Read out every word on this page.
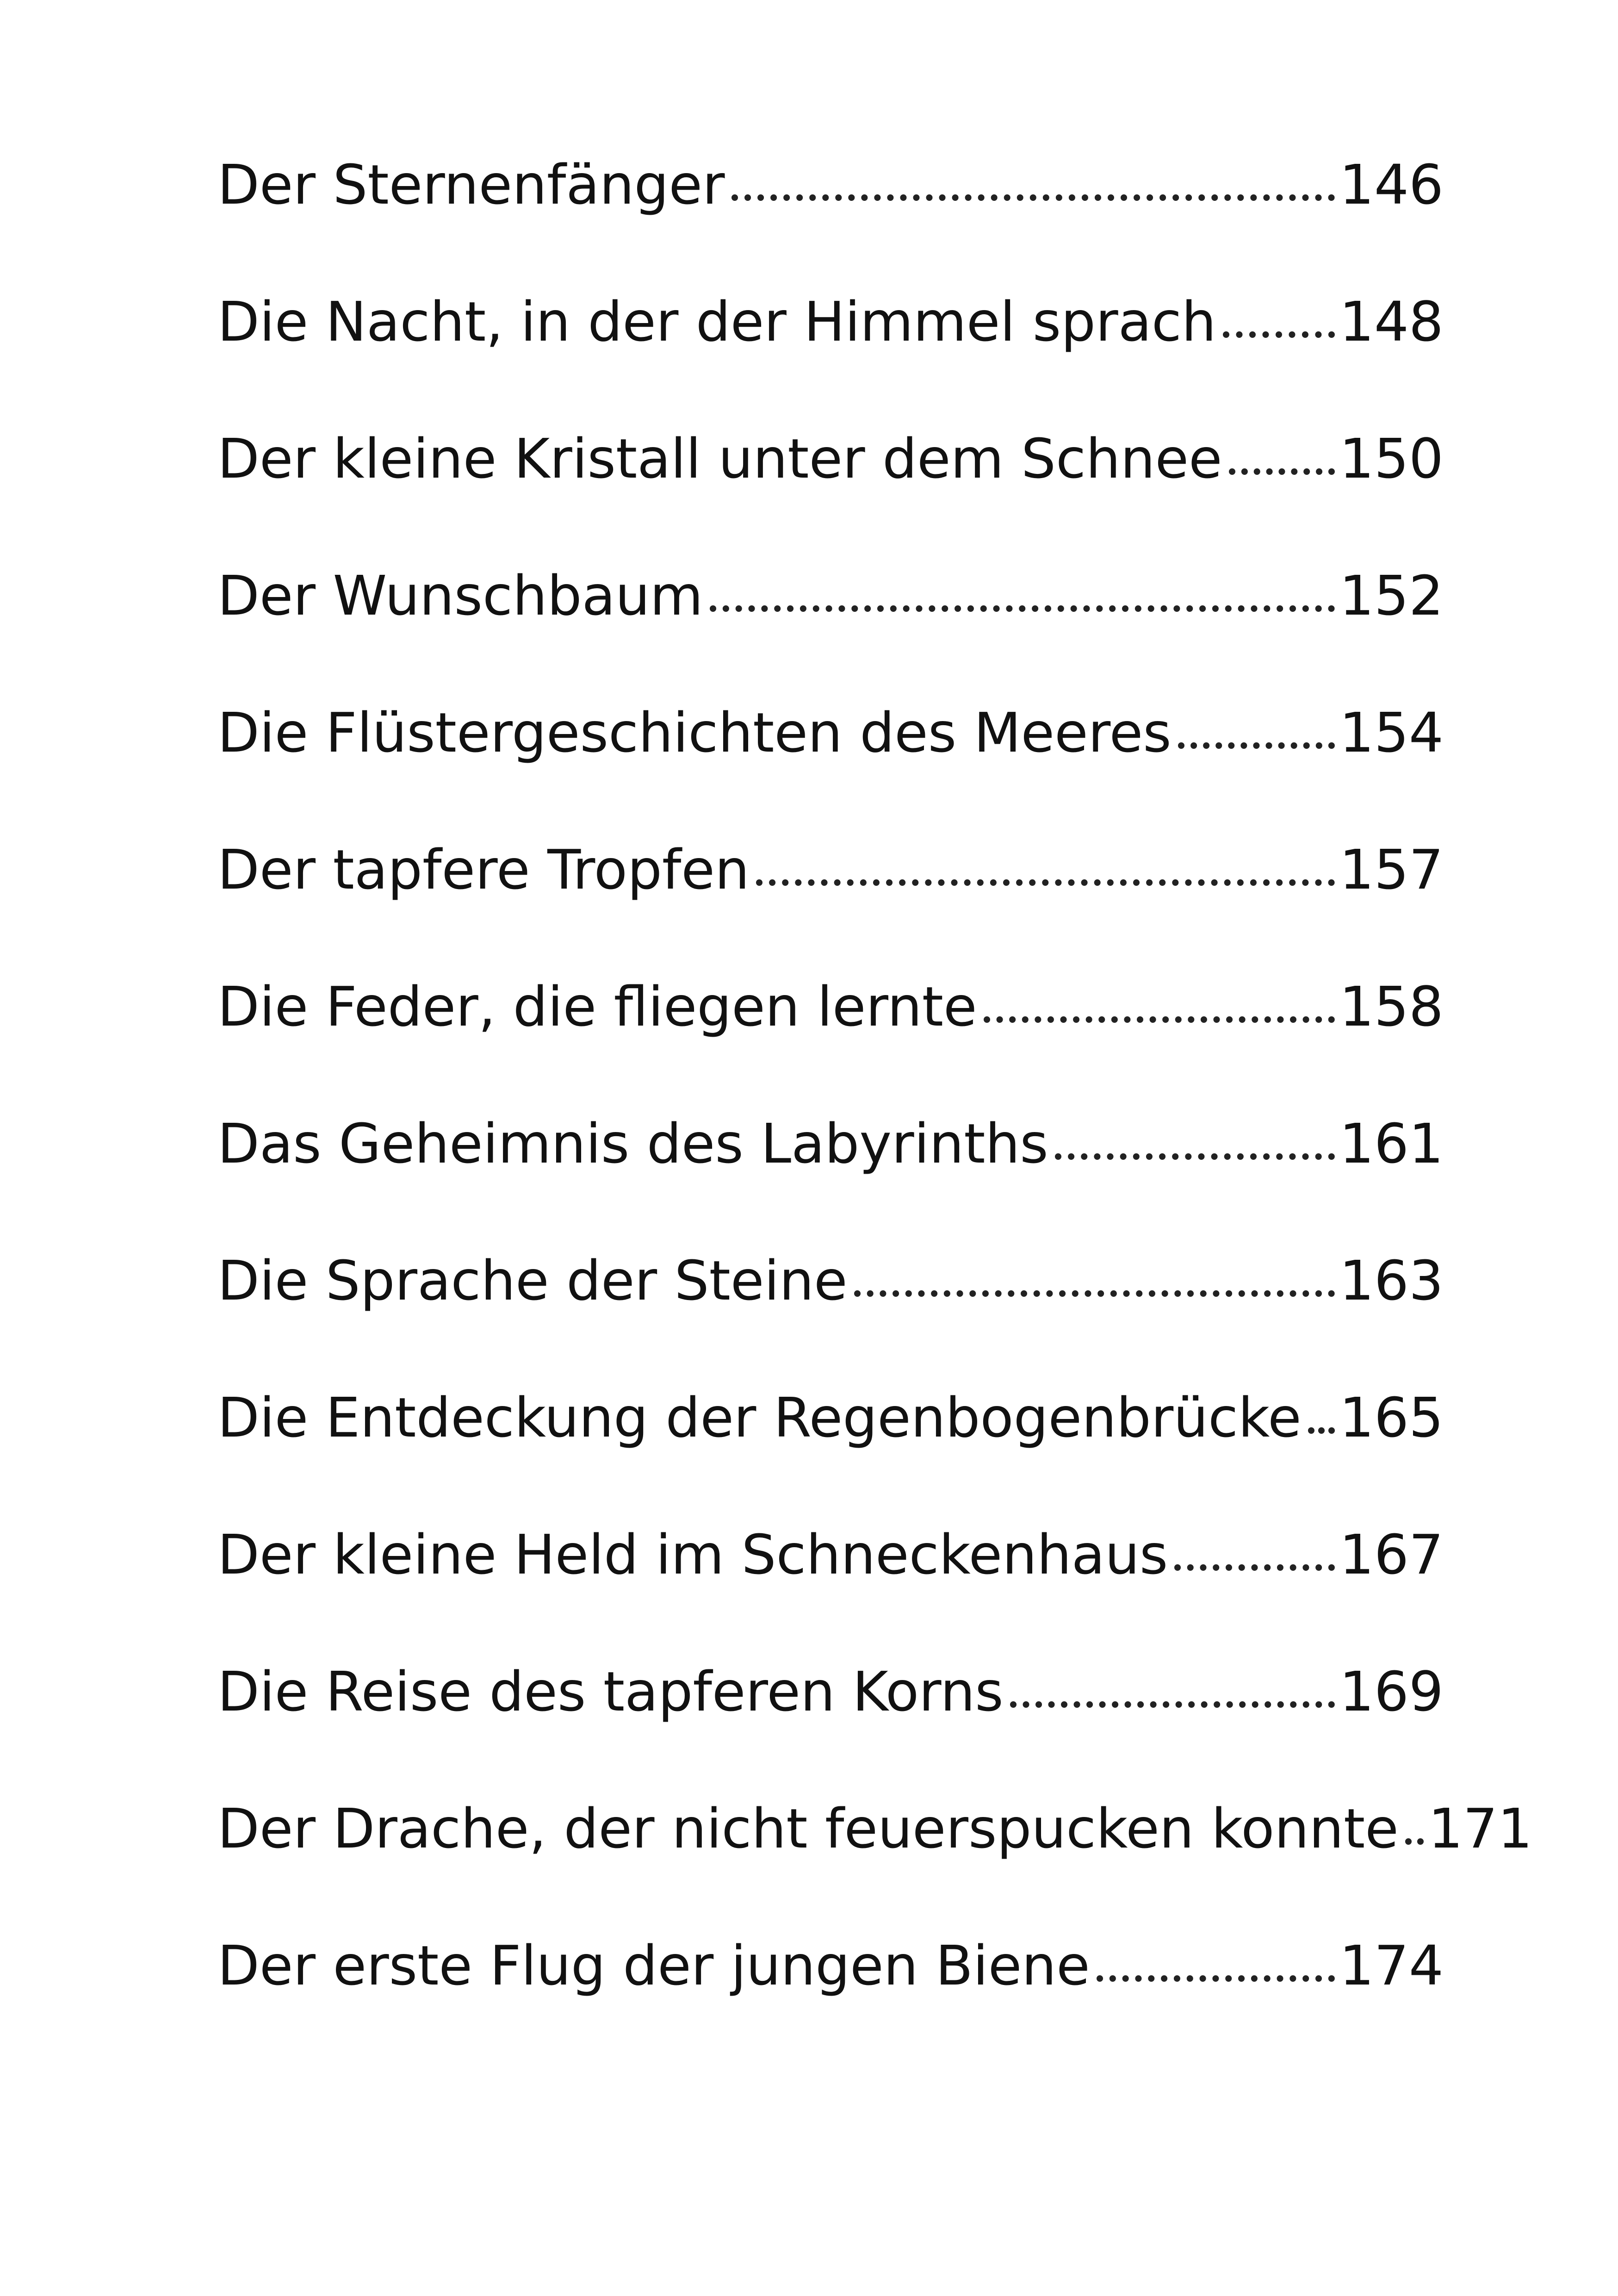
Der Sternenfänger	146
Die Nacht, in der der Himmel sprach 148
Der kleine Kristall unter dem Schnee 150
Der Wunschbaum	152
Die Flüstergeschichten des Meeres	154
Der tapfere Tropfen	157
Die Feder, die fliegen lernte	158
Das Geheimnis des Labyrinths	161
Die Sprache der Steine	163
Die Entdeckung der Regenbogenbrücke 165
Der kleine Held im Schneckenhaus	167
Die Reise des tapferen Korns	169
Der Drache, der nicht feuerspucken konnte 171
Der erste Flug der jungen Biene	174
